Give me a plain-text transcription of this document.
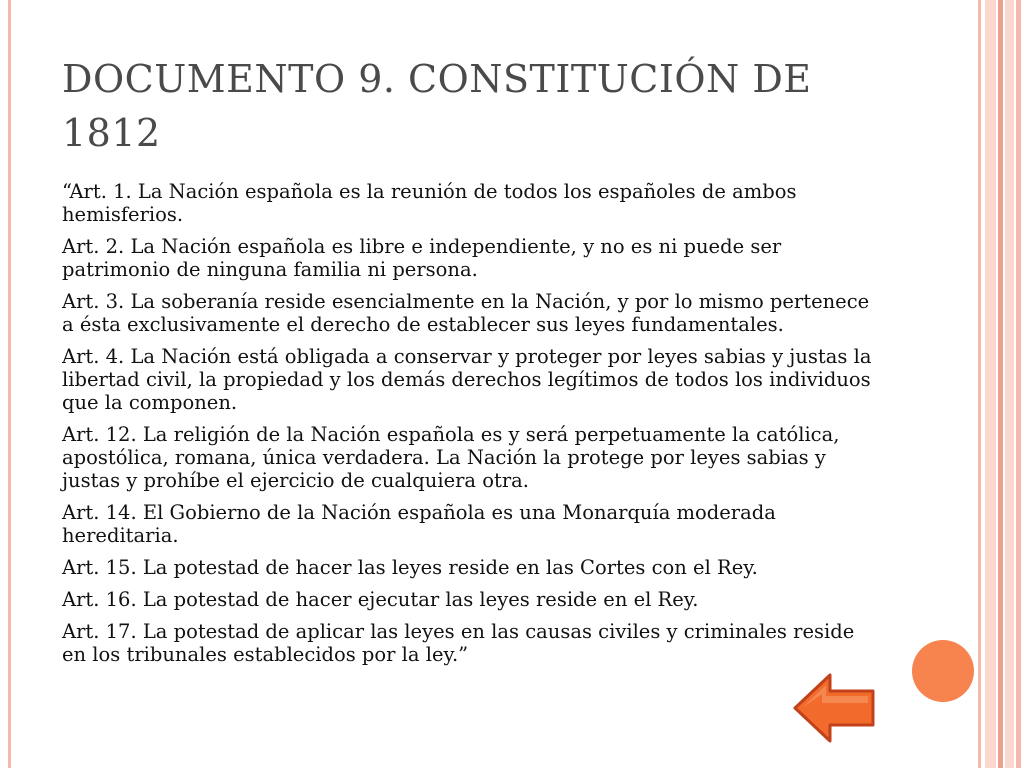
DOCUMENTO 9. CONSTITUCIÓN DE 1812

“Art. 1. La Nación española es la reunión de todos los españoles de ambos hemisferios.

Art. 2. La Nación española es libre e independiente, y no es ni puede ser patrimonio de ninguna familia ni persona.

Art. 3. La soberanía reside esencialmente en la Nación, y por lo mismo pertenece a ésta exclusivamente el derecho de establecer sus leyes fundamentales.

Art. 4. La Nación está obligada a conservar y proteger por leyes sabias y justas la libertad civil, la propiedad y los demás derechos legítimos de todos los individuos que la componen.

Art. 12. La religión de la Nación española es y será perpetuamente la católica, apostólica, romana, única verdadera. La Nación la protege por leyes sabias y justas y prohíbe el ejercicio de cualquiera otra.

Art. 14. El Gobierno de la Nación española es una Monarquía moderada hereditaria.

Art. 15. La potestad de hacer las leyes reside en las Cortes con el Rey.

Art. 16. La potestad de hacer ejecutar las leyes reside en el Rey.

Art. 17. La potestad de aplicar las leyes en las causas civiles y criminales reside en los tribunales establecidos por la ley.”
